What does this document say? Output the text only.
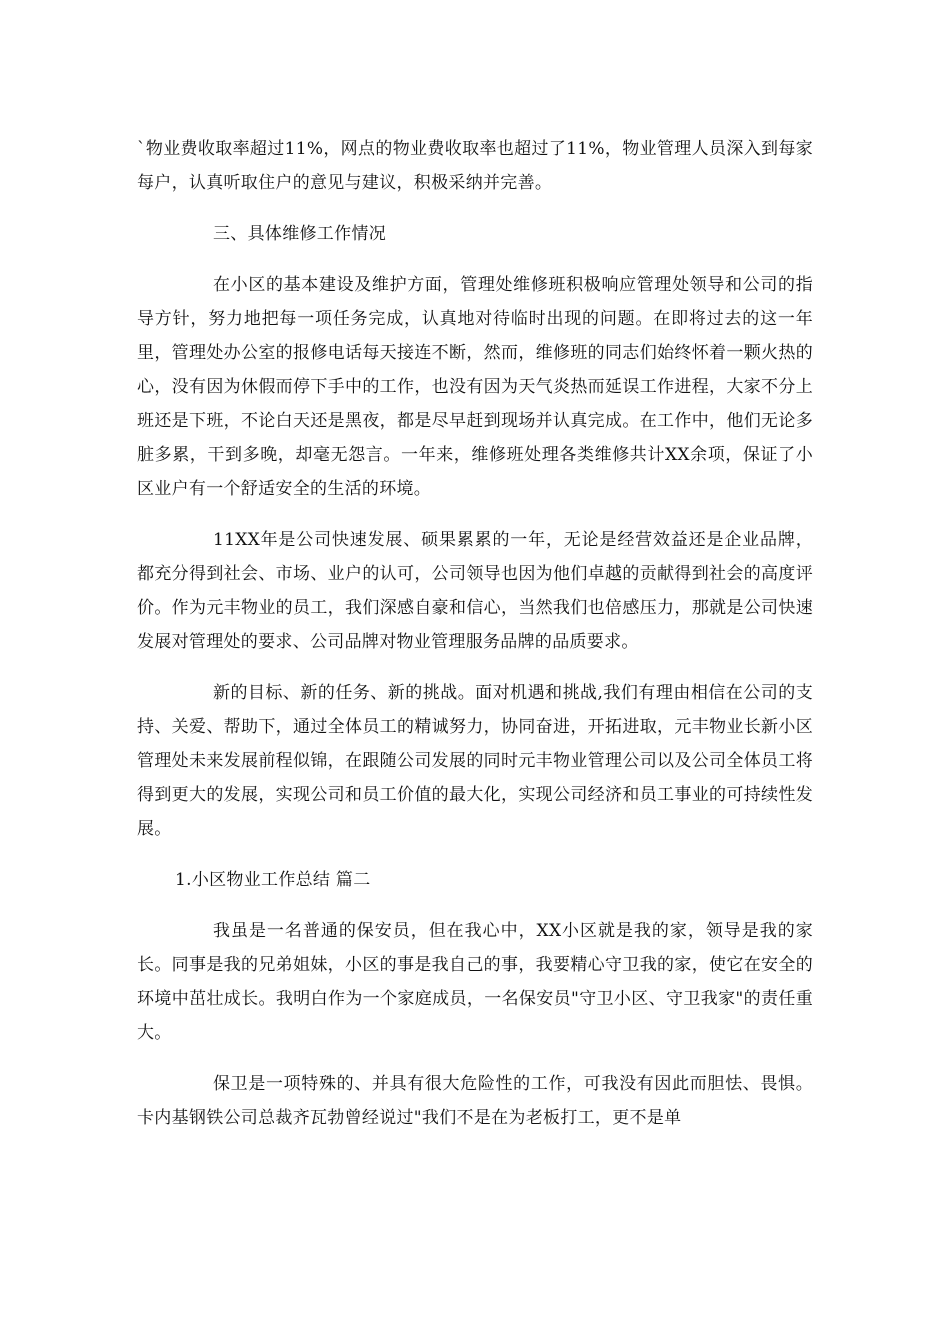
`物业费收取率超过11%，网点的物业费收取率也超过了11%，物业管理人员深入到每家每户，认真听取住户的意见与建议，积极采纳并完善。

三、具体维修工作情况

在小区的基本建设及维护方面，管理处维修班积极响应管理处领导和公司的指导方针，努力地把每一项任务完成，认真地对待临时出现的问题。在即将过去的这一年里，管理处办公室的报修电话每天接连不断，然而，维修班的同志们始终怀着一颗火热的心，没有因为休假而停下手中的工作，也没有因为天气炎热而延误工作进程，大家不分上班还是下班，不论白天还是黑夜，都是尽早赶到现场并认真完成。在工作中，他们无论多脏多累，干到多晚，却毫无怨言。一年来，维修班处理各类维修共计XX余项，保证了小区业户有一个舒适安全的生活的环境。

11XX年是公司快速发展、硕果累累的一年，无论是经营效益还是企业品牌，都充分得到社会、市场、业户的认可，公司领导也因为他们卓越的贡献得到社会的高度评价。作为元丰物业的员工，我们深感自豪和信心，当然我们也倍感压力，那就是公司快速发展对管理处的要求、公司品牌对物业管理服务品牌的品质要求。

新的目标、新的任务、新的挑战。面对机遇和挑战,我们有理由相信在公司的支持、关爱、帮助下，通过全体员工的精诚努力，协同奋进，开拓进取，元丰物业长新小区管理处未来发展前程似锦，在跟随公司发展的同时元丰物业管理公司以及公司全体员工将得到更大的发展，实现公司和员工价值的最大化，实现公司经济和员工事业的可持续性发展。

1.小区物业工作总结 篇二

我虽是一名普通的保安员，但在我心中，XX小区就是我的家，领导是我的家长。同事是我的兄弟姐妹，小区的事是我自己的事，我要精心守卫我的家，使它在安全的环境中茁壮成长。我明白作为一个家庭成员，一名保安员"守卫小区、守卫我家"的责任重大。

保卫是一项特殊的、并具有很大危险性的工作，可我没有因此而胆怯、畏惧。卡内基钢铁公司总裁齐瓦勃曾经说过"我们不是在为老板打工，更不是单
